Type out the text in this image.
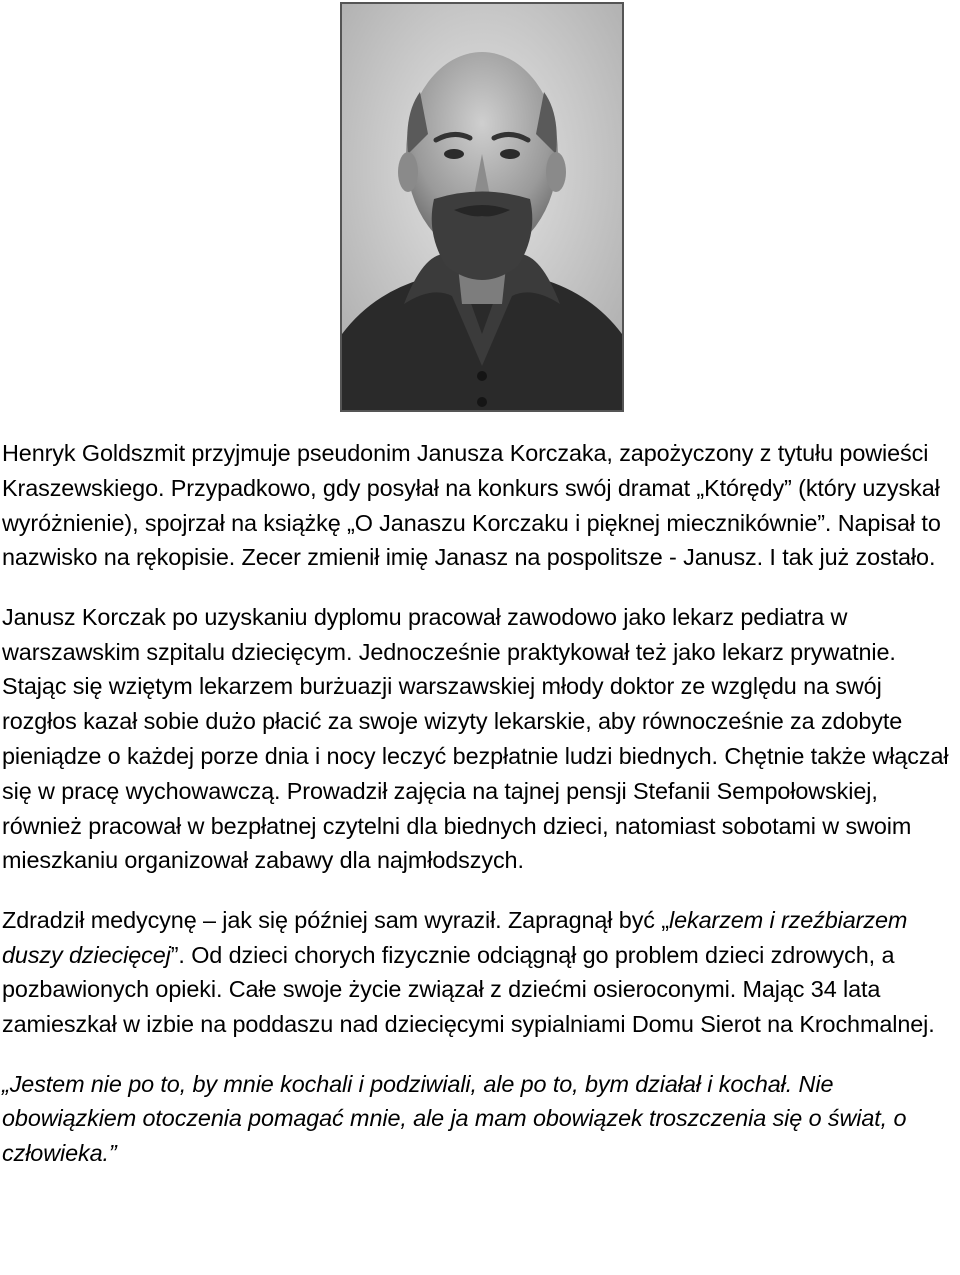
Henryk Goldszmit przyjmuje pseudonim Janusza Korczaka, zapożyczony z tytułu powieści Kraszewskiego. Przypadkowo, gdy posyłał na konkurs swój dramat „Którędy” (który uzyskał wyróżnienie), spojrzał na książkę „O Janaszu Korczaku i pięknej miecznikównie”. Napisał to nazwisko na rękopisie. Zecer zmienił imię Janasz na pospolitsze - Janusz. I tak już zostało.

Janusz Korczak po uzyskaniu dyplomu pracował zawodowo jako lekarz pediatra w warszawskim szpitalu dziecięcym. Jednocześnie praktykował też jako lekarz prywatnie. Stając się wziętym lekarzem burżuazji warszawskiej młody doktor ze względu na swój rozgłos kazał sobie dużo płacić za swoje wizyty lekarskie, aby równocześnie za zdobyte pieniądze o każdej porze dnia i nocy leczyć bezpłatnie ludzi biednych. Chętnie także włączał się w pracę wychowawczą. Prowadził zajęcia na tajnej pensji Stefanii Sempołowskiej, również pracował w bezpłatnej czytelni dla biednych dzieci, natomiast sobotami w swoim mieszkaniu organizował zabawy dla najmłodszych.

Zdradził medycynę – jak się później sam wyraził. Zapragnął być „lekarzem i rzeźbiarzem duszy dziecięcej”. Od dzieci chorych fizycznie odciągnął go problem dzieci zdrowych, a pozbawionych opieki. Całe swoje życie związał z dziećmi osieroconymi. Mając 34 lata zamieszkał w izbie na poddaszu nad dziecięcymi sypialniami Domu Sierot na Krochmalnej.

„Jestem nie po to, by mnie kochali i podziwiali, ale po to, bym działał i kochał. Nie obowiązkiem otoczenia pomagać mnie, ale ja mam obowiązek troszczenia się o świat, o człowieka.”
